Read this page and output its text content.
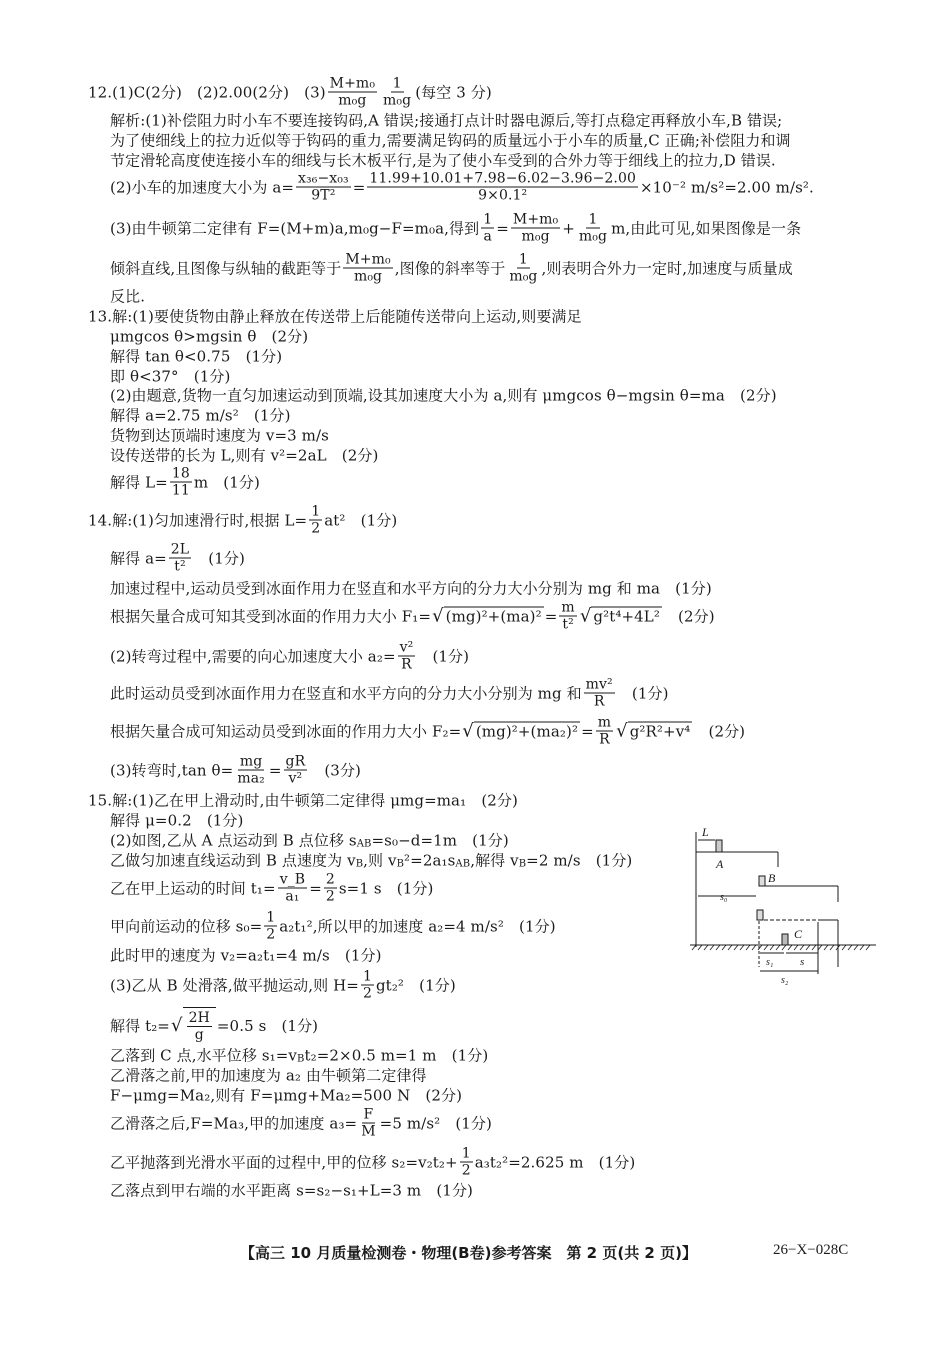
12.(1)C(2分)　(2)2.00(2分)　$(3) \frac{\text{M+m₀}}{\text{m₀g}} \frac{1}{\text{m₀g}}$ (每空 3 分)
解析:(1)补偿阻力时小车不要连接钩码,A 错误;接通打点计时器电源后,等打点稳定再释放小车,B 错误;
为了使细线上的拉力近似等于钩码的重力,需要满足钩码的质量远小于小车的质量,C 正确;补偿阻力和调
节定滑轮高度使连接小车的细线与长木板平行,是为了使小车受到的合外力等于细线上的拉力,D 错误.
(2)小车的加速度大小为 $a= \frac{\text{x₃₆−x₀₃}}{\text{9T²}} = \frac{11.99+10.01+7.98-6.02-3.96-2.00}{\text{9×0.1²}} \times 10^{-2}$ m/s²=2.00 m/s².
(3)由牛顿第二定律有 F=(M+m)a,m₀g−F=m₀a,得到 $\frac{1}{a} = \frac{\text{M+m₀}}{\text{m₀g}} + \frac{1}{\text{m₀g}} m$,由此可见,如果图像是一条
倾斜直线,且图像与纵轴的截距等于 $\frac{\text{M+m₀}}{\text{m₀g}}$ ,图像的斜率等于 $\frac{1}{\text{m₀g}}$ ,则表明合外力一定时,加速度与质量成
反比.
13.解:(1)要使货物由静止释放在传送带上后能随传送带向上运动,则要满足
μmgcos θ>mgsin θ　(2分)
解得 tan θ<0.75　(1分)
即 θ<37°　(1分)
(2)由题意,货物一直匀加速运动到顶端,设其加速度大小为 a,则有 μmgcos θ−mgsin θ=ma　(2分)
解得 a=2.75 m/s²　(1分)
货物到达顶端时速度为 v=3 m/s
设传送带的长为 L,则有 v²=2aL　(2分)
解得 $L= \frac{18}{11}$ m　(1分)
14.解:(1)匀加速滑行时,根据 $L= \frac{1}{2} at^2$　(1分)
解得 $a= \frac{2L}{\text{t²}}$ 　(1分)
加速过程中,运动员受到冰面作用力在竖直和水平方向的分力大小分别为 mg 和 ma　(1分)
根据矢量合成可知其受到冰面的作用力大小 F₁= √ $(mg)^2+(ma)^2 = \frac{m}{\text{t²}}$ √ g²t⁴+4L² 　(2分)
(2)转弯过程中,需要的向心加速度大小 $a_2= \frac{\text{v²}}{R}$ 　(1分)
此时运动员受到冰面作用力在竖直和水平方向的分力大小分别为 mg 和 $\frac{\text{mv²}}{R}$ 　(1分)
根据矢量合成可知运动员受到冰面的作用力大小 F₂= √ $(mg)^2+(ma_2)^2 = \frac{m}{R}$ √ g²R²+v⁴ 　(2分)
(3)转弯时,tan $\theta= \frac{mg}{\text{ma₂}} = \frac{gR}{\text{v²}}$ 　(3分)
15.解:(1)乙在甲上滑动时,由牛顿第二定律得 μmg=ma₁　(2分)
解得 μ=0.2　(1分)
(2)如图,乙从 A 点运动到 B 点位移 s AB =s₀−d=1m　(1分)
乙做匀加速直线运动到 B 点速度为 v B ,则 v B ²=2a₁s AB ,解得 v B =2 m/s　(1分)
乙在甲上运动的时间 $t_1= \frac{v\_B}{\text{a₁}} = \frac{2}{2} s=1$ s　(1分)
甲向前运动的位移 $s_0= \frac{1}{2} a_2t_1^2$,所以甲的加速度 a₂=4 m/s²　(1分)
此时甲的速度为 v₂=a₂t₁=4 m/s　(1分)
(3)乙从 B 处滑落,做平抛运动,则 $H= \frac{1}{2} gt_2^2$　(1分)
解得 t₂= √ $\frac{2H}{g} =0.5$ s　(1分)
乙落到 C 点,水平位移 s₁=v B t₂=2×0.5 m=1 m　(1分)
乙滑落之前,甲的加速度为 a₂ 由牛顿第二定律得
F−μmg=Ma₂,则有 F=μmg+Ma₂=500 N　(2分)
乙滑落之后,F=Ma₃,甲的加速度 $a_3= \frac{F}{M} =5$ m/s²　(1分)
乙平抛落到光滑水平面的过程中,甲的位移 $s_2=v_2t_2+ \frac{1}{2} a_3t_2^2=2.625$ m　(1分)
乙落点到甲右端的水平距离 s=s₂−s₁+L=3 m　(1分)
L
A
B
s₀
C
s₁ s
s₂
【高三 10 月质量检测卷・物理(B卷)参考答案　第 2 页(共 2 页)】	26−X−028C
